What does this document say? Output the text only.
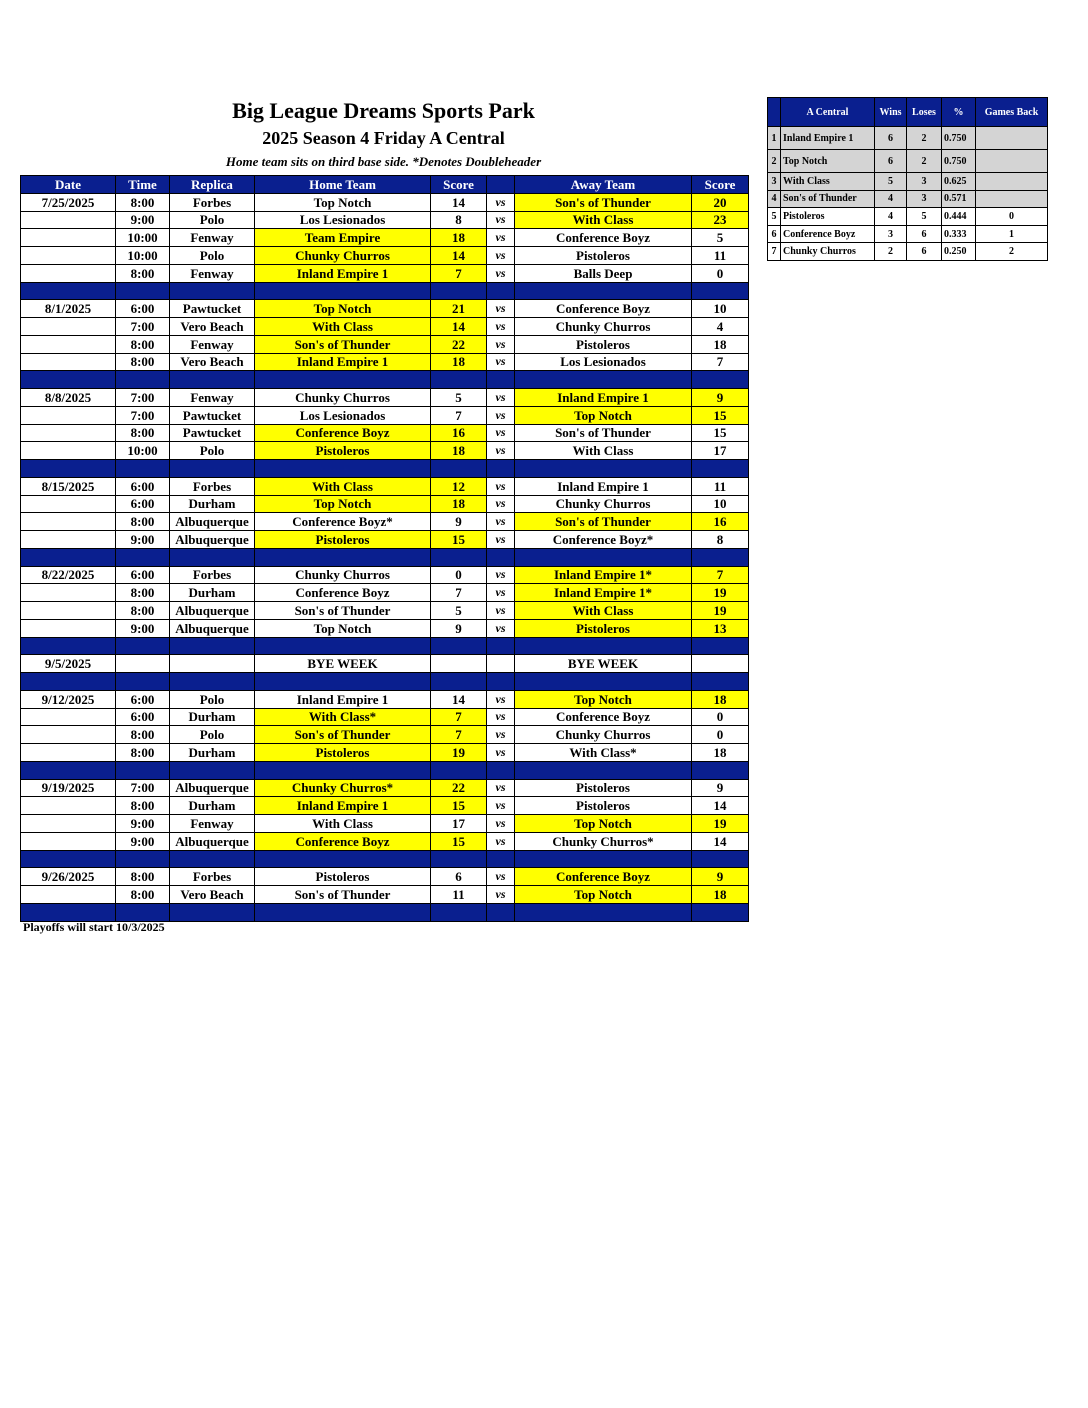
Big League Dreams Sports Park
2025 Season 4 Friday A Central
Home team sits on third base side. *Denotes Doubleheader
Date	Time	Replica	Home Team	Score		Away Team	Score
7/25/2025	8:00	Forbes	Top Notch	14	vs	Son's of Thunder	20
	9:00	Polo	Los Lesionados	8	vs	With Class	23
	10:00	Fenway	Team Empire	18	vs	Conference Boyz	5
	10:00	Polo	Chunky Churros	14	vs	Pistoleros	11
	8:00	Fenway	Inland Empire 1	7	vs	Balls Deep	0

8/1/2025	6:00	Pawtucket	Top Notch	21	vs	Conference Boyz	10
	7:00	Vero Beach	With Class	14	vs	Chunky Churros	4
	8:00	Fenway	Son's of Thunder	22	vs	Pistoleros	18
	8:00	Vero Beach	Inland Empire 1	18	vs	Los Lesionados	7

8/8/2025	7:00	Fenway	Chunky Churros	5	vs	Inland Empire 1	9
	7:00	Pawtucket	Los Lesionados	7	vs	Top Notch	15
	8:00	Pawtucket	Conference Boyz	16	vs	Son's of Thunder	15
	10:00	Polo	Pistoleros	18	vs	With Class	17

8/15/2025	6:00	Forbes	With Class	12	vs	Inland Empire 1	11
	6:00	Durham	Top Notch	18	vs	Chunky Churros	10
	8:00	Albuquerque	Conference Boyz*	9	vs	Son's of Thunder	16
	9:00	Albuquerque	Pistoleros	15	vs	Conference Boyz*	8

8/22/2025	6:00	Forbes	Chunky Churros	0	vs	Inland Empire 1*	7
	8:00	Durham	Conference Boyz	7	vs	Inland Empire 1*	19
	8:00	Albuquerque	Son's of Thunder	5	vs	With Class	19
	9:00	Albuquerque	Top Notch	9	vs	Pistoleros	13

9/5/2025			BYE WEEK			BYE WEEK	

9/12/2025	6:00	Polo	Inland Empire 1	14	vs	Top Notch	18
	6:00	Durham	With Class*	7	vs	Conference Boyz	0
	8:00	Polo	Son's of Thunder	7	vs	Chunky Churros	0
	8:00	Durham	Pistoleros	19	vs	With Class*	18

9/19/2025	7:00	Albuquerque	Chunky Churros*	22	vs	Pistoleros	9
	8:00	Durham	Inland Empire 1	15	vs	Pistoleros	14
	9:00	Fenway	With Class	17	vs	Top Notch	19
	9:00	Albuquerque	Conference Boyz	15	vs	Chunky Churros*	14

9/26/2025	8:00	Forbes	Pistoleros	6	vs	Conference Boyz	9
	8:00	Vero Beach	Son's of Thunder	11	vs	Top Notch	18

Playoffs will start 10/3/2025
	A Central	Wins	Loses	%	Games Back
1	Inland Empire 1	6	2	0.750	
2	Top Notch	6	2	0.750	
3	With Class	5	3	0.625	
4	Son's of Thunder	4	3	0.571	
5	Pistoleros	4	5	0.444	0
6	Conference Boyz	3	6	0.333	1
7	Chunky Churros	2	6	0.250	2
